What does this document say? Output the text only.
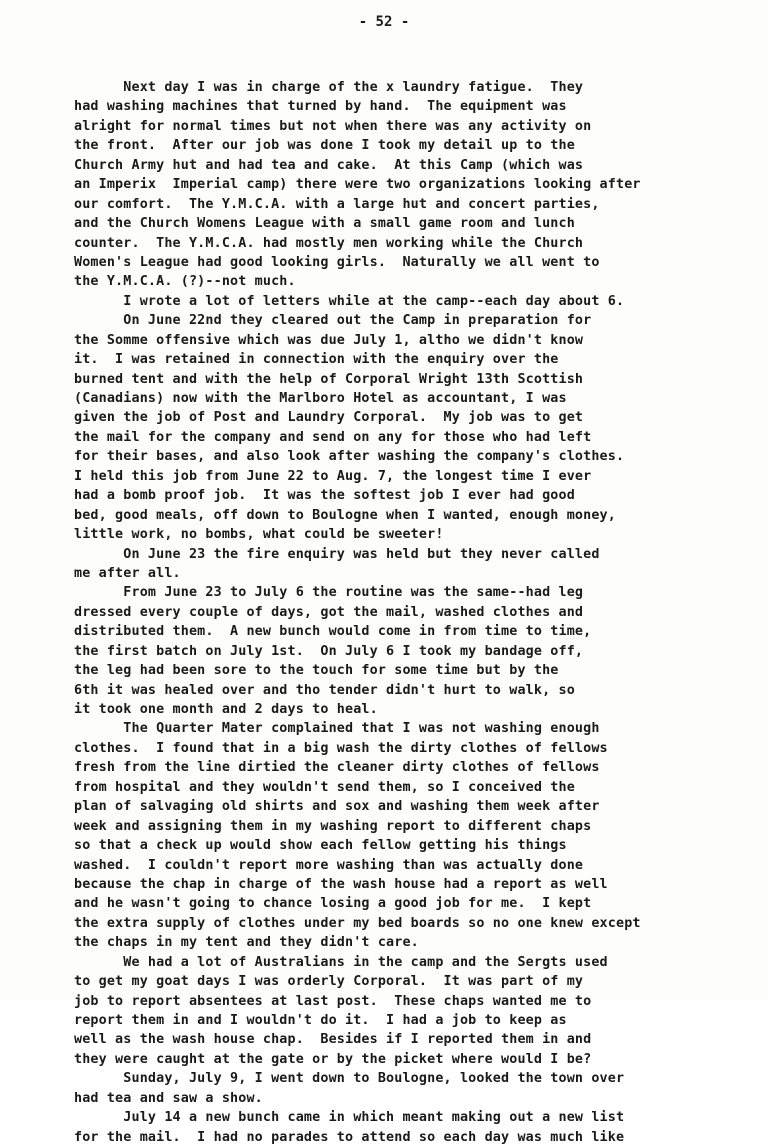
- 52 -
Next day I was in charge of the x laundry fatigue.  They
had washing machines that turned by hand.  The equipment was
alright for normal times but not when there was any activity on
the front.  After our job was done I took my detail up to the
Church Army hut and had tea and cake.  At this Camp (which was
an Imperix  Imperial camp) there were two organizations looking after
our comfort.  The Y.M.C.A. with a large hut and concert parties,
and the Church Womens League with a small game room and lunch
counter.  The Y.M.C.A. had mostly men working while the Church
Women's League had good looking girls.  Naturally we all went to
the Y.M.C.A. (?)--not much.
I wrote a lot of letters while at the camp--each day about 6.
On June 22nd they cleared out the Camp in preparation for
the Somme offensive which was due July 1, altho we didn't know
it.  I was retained in connection with the enquiry over the
burned tent and with the help of Corporal Wright 13th Scottish
(Canadians) now with the Marlboro Hotel as accountant, I was
given the job of Post and Laundry Corporal.  My job was to get
the mail for the company and send on any for those who had left
for their bases, and also look after washing the company's clothes.
I held this job from June 22 to Aug. 7, the longest time I ever
had a bomb proof job.  It was the softest job I ever had good
bed, good meals, off down to Boulogne when I wanted, enough money,
little work, no bombs, what could be sweeter!
On June 23 the fire enquiry was held but they never called
me after all.
From June 23 to July 6 the routine was the same--had leg
dressed every couple of days, got the mail, washed clothes and
distributed them.  A new bunch would come in from time to time,
the first batch on July 1st.  On July 6 I took my bandage off,
the leg had been sore to the touch for some time but by the
6th it was healed over and tho tender didn't hurt to walk, so
it took one month and 2 days to heal.
The Quarter Mater complained that I was not washing enough
clothes.  I found that in a big wash the dirty clothes of fellows
fresh from the line dirtied the cleaner dirty clothes of fellows
from hospital and they wouldn't send them, so I conceived the
plan of salvaging old shirts and sox and washing them week after
week and assigning them in my washing report to different chaps
so that a check up would show each fellow getting his things
washed.  I couldn't report more washing than was actually done
because the chap in charge of the wash house had a report as well
and he wasn't going to chance losing a good job for me.  I kept
the extra supply of clothes under my bed boards so no one knew except
the chaps in my tent and they didn't care.
We had a lot of Australians in the camp and the Sergts used
to get my goat days I was orderly Corporal.  It was part of my
job to report absentees at last post.  These chaps wanted me to
report them in and I wouldn't do it.  I had a job to keep as
well as the wash house chap.  Besides if I reported them in and
they were caught at the gate or by the picket where would I be?
Sunday, July 9, I went down to Boulogne, looked the town over
had tea and saw a show.
July 14 a new bunch came in which meant making out a new list
for the mail.  I had no parades to attend so each day was much like
